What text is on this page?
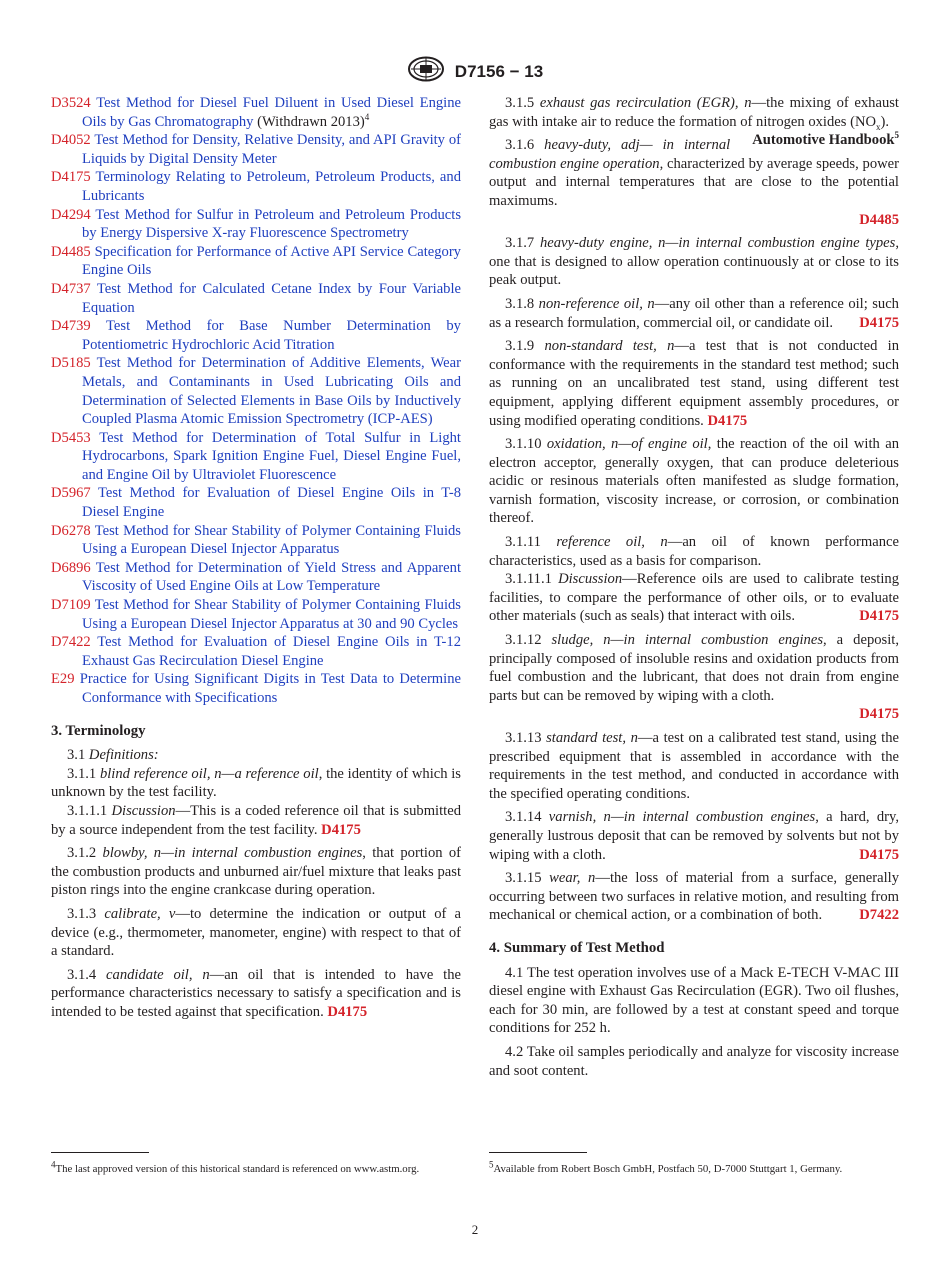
D7156 − 13

D3524 Test Method for Diesel Fuel Diluent in Used Diesel Engine Oils by Gas Chromatography (Withdrawn 2013)$^4$

D4052 Test Method for Density, Relative Density, and API Gravity of Liquids by Digital Density Meter

D4175 Terminology Relating to Petroleum, Petroleum Products, and Lubricants

D4294 Test Method for Sulfur in Petroleum and Petroleum Products by Energy Dispersive X-ray Fluorescence Spectrometry

D4485 Specification for Performance of Active API Service Category Engine Oils

D4737 Test Method for Calculated Cetane Index by Four Variable Equation

D4739 Test Method for Base Number Determination by Potentiometric Hydrochloric Acid Titration

D5185 Test Method for Determination of Additive Elements, Wear Metals, and Contaminants in Used Lubricating Oils and Determination of Selected Elements in Base Oils by Inductively Coupled Plasma Atomic Emission Spectrometry (ICP-AES)

D5453 Test Method for Determination of Total Sulfur in Light Hydrocarbons, Spark Ignition Engine Fuel, Diesel Engine Fuel, and Engine Oil by Ultraviolet Fluorescence

D5967 Test Method for Evaluation of Diesel Engine Oils in T-8 Diesel Engine

D6278 Test Method for Shear Stability of Polymer Containing Fluids Using a European Diesel Injector Apparatus

D6896 Test Method for Determination of Yield Stress and Apparent Viscosity of Used Engine Oils at Low Temperature

D7109 Test Method for Shear Stability of Polymer Containing Fluids Using a European Diesel Injector Apparatus at 30 and 90 Cycles

D7422 Test Method for Evaluation of Diesel Engine Oils in T-12 Exhaust Gas Recirculation Diesel Engine

E29 Practice for Using Significant Digits in Test Data to Determine Conformance with Specifications

3. Terminology

3.1 Definitions:

3.1.1 blind reference oil, n—a reference oil, the identity of which is unknown by the test facility.

3.1.1.1 Discussion—This is a coded reference oil that is submitted by a source independent from the test facility. D4175

3.1.2 blowby, n—in internal combustion engines, that portion of the combustion products and unburned air/fuel mixture that leaks past piston rings into the engine crankcase during operation.

3.1.3 calibrate, v—to determine the indication or output of a device (e.g., thermometer, manometer, engine) with respect to that of a standard.

3.1.4 candidate oil, n—an oil that is intended to have the performance characteristics necessary to satisfy a specification and is intended to be tested against that specification. D4175

3.1.5 exhaust gas recirculation (EGR), n—the mixing of exhaust gas with intake air to reduce the formation of nitrogen oxides $(NO_x)$.
Automotive Handbook$^5$

3.1.6 heavy-duty, adj— in internal combustion engine operation, characterized by average speeds, power output and internal temperatures that are close to the potential maximums.
D4485

3.1.7 heavy-duty engine, n—in internal combustion engine types, one that is designed to allow operation continuously at or close to its peak output.

3.1.8 non-reference oil, n—any oil other than a reference oil; such as a research formulation, commercial oil, or candidate oil.	D4175

3.1.9 non-standard test, n—a test that is not conducted in conformance with the requirements in the standard test method; such as running on an uncalibrated test stand, using different test equipment, applying different equipment assembly procedures, or using modified operating conditions. D4175

3.1.10 oxidation, n—of engine oil, the reaction of the oil with an electron acceptor, generally oxygen, that can produce deleterious acidic or resinous materials often manifested as sludge formation, varnish formation, viscosity increase, or corrosion, or combination thereof.

3.1.11 reference oil, n—an oil of known performance characteristics, used as a basis for comparison.

3.1.11.1 Discussion—Reference oils are used to calibrate testing facilities, to compare the performance of other oils, or to evaluate other materials (such as seals) that interact with oils.	D4175

3.1.12 sludge, n—in internal combustion engines, a deposit, principally composed of insoluble resins and oxidation products from fuel combustion and the lubricant, that does not drain from engine parts but can be removed by wiping with a cloth.
D4175

3.1.13 standard test, n—a test on a calibrated test stand, using the prescribed equipment that is assembled in accordance with the requirements in the test method, and conducted in accordance with the specified operating conditions.

3.1.14 varnish, n—in internal combustion engines, a hard, dry, generally lustrous deposit that can be removed by solvents but not by wiping with a cloth.	D4175

3.1.15 wear, n—the loss of material from a surface, generally occurring between two surfaces in relative motion, and resulting from mechanical or chemical action, or a combination of both.	D7422

4. Summary of Test Method

4.1 The test operation involves use of a Mack E-TECH V-MAC III diesel engine with Exhaust Gas Recirculation (EGR). Two oil flushes, each for 30 min, are followed by a test at constant speed and torque conditions for 252 h.

4.2 Take oil samples periodically and analyze for viscosity increase and soot content.

$^4$The last approved version of this historical standard is referenced on www.astm.org.	$^5$Available from Robert Bosch GmbH, Postfach 50, D-7000 Stuttgart 1, Germany.
2
